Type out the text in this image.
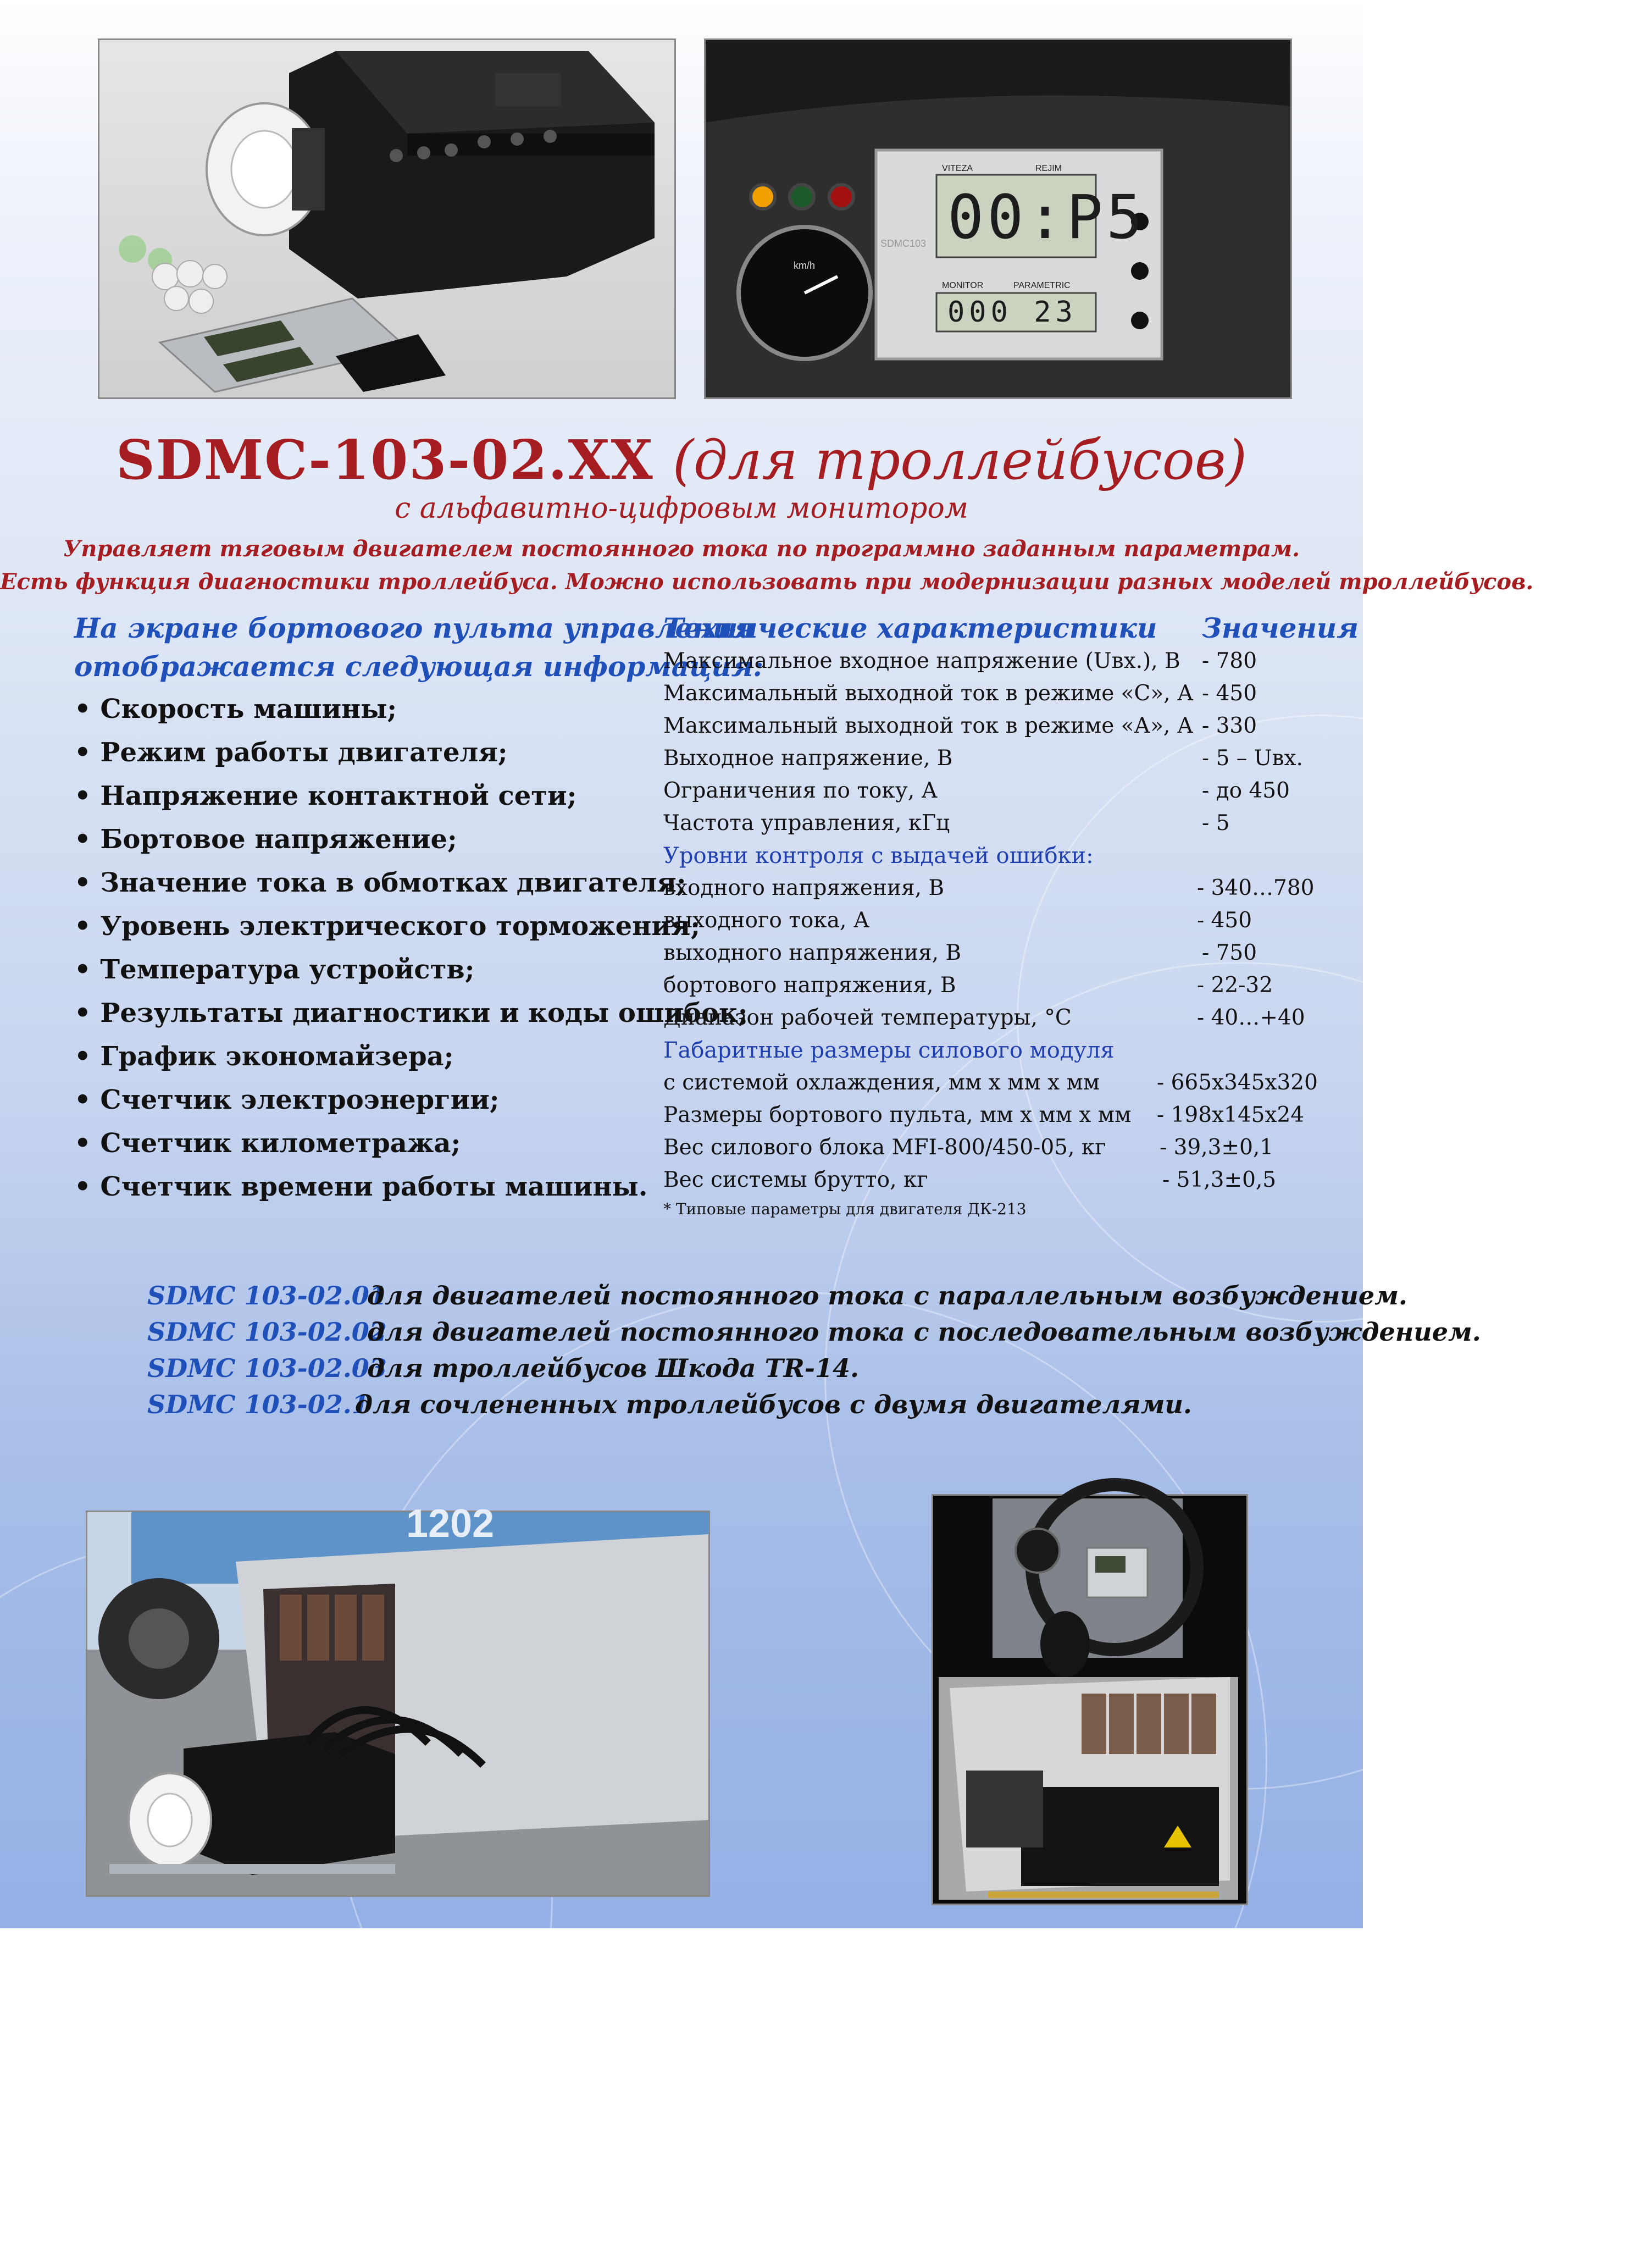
00:P5
000 23
VITEZA	REJIM
MONITOR	PARAMETRIC
SDMC103
km/h
SDMC-103-02.XX (для троллейбусов)
с альфавитно-цифровым монитором
Управляет тяговым двигателем постоянного тока по программно заданным параметрам.
Есть функция диагностики троллейбуса. Можно использовать при модернизации разных моделей троллейбусов.
На экране бортового пульта управления
отображается следующая информация:
• Скорость машины;
• Режим работы двигателя;
• Напряжение контактной сети;
• Бортовое напряжение;
• Значение тока в обмотках двигателя;
• Уровень электрического торможения;
• Температура устройств;
• Результаты диагностики и коды ошибок;
• График экономайзера;
• Счетчик электроэнергии;
• Счетчик километража;
• Счетчик времени работы машины.
Технические характеристики Значения
Максимальное входное напряжение (Uвх.), В - 780
Максимальный выходной ток в режиме «С», А - 450
Максимальный выходной ток в режиме «А», А - 330
Выходное напряжение, В	- 5 – Uвх.
Ограничения по току, А	- до 450
Частота управления, кГц	- 5
Уровни контроля с выдачей ошибки:
входного напряжения, В	- 340…780
выходного тока, А	- 450
выходного напряжения, В	- 750
бортового напряжения, В	- 22-32
Диапазон рабочей температуры, °С	- 40…+40
Габаритные размеры силового модуля
с системой охлаждения, мм х мм х мм	- 665х345х320
Размеры бортового пульта, мм х мм х мм - 198х145х24
Вес силового блока MFI-800/450-05, кг - 39,3±0,1
Вес системы брутто, кг	- 51,3±0,5
* Типовые параметры для двигателя ДК-213
SDMC 103-02.01для двигателей постоянного тока с параллельным возбуждением.
SDMC 103-02.02для двигателей постоянного тока с последовательным возбуждением.
SDMC 103-02.03для троллейбусов Шкода TR-14.
SDMC 103-02.1для сочлененных троллейбусов с двумя двигателями.
1202
